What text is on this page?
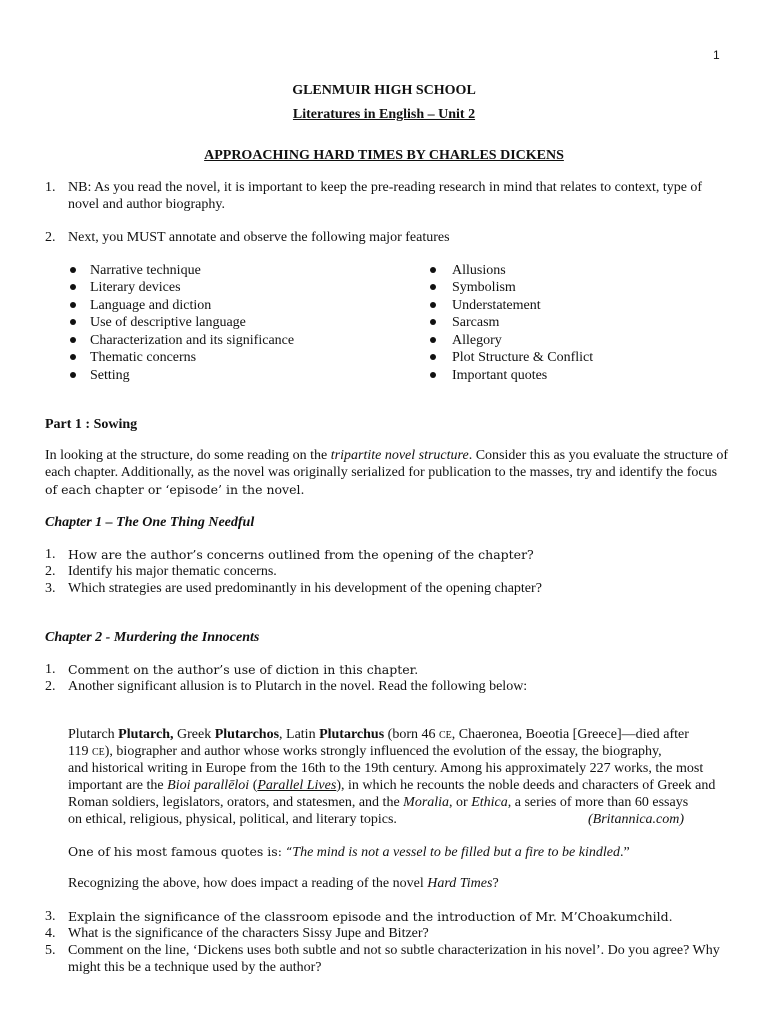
1
GLENMUIR HIGH SCHOOL
Literatures in English – Unit 2
APPROACHING HARD TIMES BY CHARLES DICKENS
1. NB: As you read the novel, it is important to keep the pre-reading research in mind that relates to context, type of
novel and author biography.
2. Next, you MUST annotate and observe the following major features
Narrative technique
Literary devices
Language and diction
Use of descriptive language
Characterization and its significance
Thematic concerns
Setting
Allusions
Symbolism
Understatement
Sarcasm
Allegory
Plot Structure & Conflict
Important quotes
Part 1 : Sowing
In looking at the structure, do some reading on the tripartite novel structure. Consider this as you evaluate the structure of
each chapter. Additionally, as the novel was originally serialized for publication to the masses, try and identify the focus
of each chapter or ‘episode’ in the novel.
Chapter 1 – The One Thing Needful
1. How are the author’s concerns outlined from the opening of the chapter?
2. Identify his major thematic concerns.
3. Which strategies are used predominantly in his development of the opening chapter?
Chapter 2 - Murdering the Innocents
1. Comment on the author’s use of diction in this chapter.
2. Another significant allusion is to Plutarch in the novel. Read the following below:
Plutarch Plutarch, Greek Plutarchos, Latin Plutarchus (born 46 ce, Chaeronea, Boeotia [Greece]—died after
119 ce), biographer and author whose works strongly influenced the evolution of the essay, the biography,
and historical writing in Europe from the 16th to the 19th century. Among his approximately 227 works, the most
important are the Bioi parallēloi (Parallel Lives), in which he recounts the noble deeds and characters of Greek and
Roman soldiers, legislators, orators, and statesmen, and the Moralia, or Ethica, a series of more than 60 essays
on ethical, religious, physical, political, and literary topics.	(Britannica.com)
One of his most famous quotes is: “The mind is not a vessel to be filled but a fire to be kindled.”
Recognizing the above, how does impact a reading of the novel Hard Times?
3. Explain the significance of the classroom episode and the introduction of Mr. M’Choakumchild.
4. What is the significance of the characters Sissy Jupe and Bitzer?
5. Comment on the line, ‘Dickens uses both subtle and not so subtle characterization in his novel’. Do you agree? Why
might this be a technique used by the author?
